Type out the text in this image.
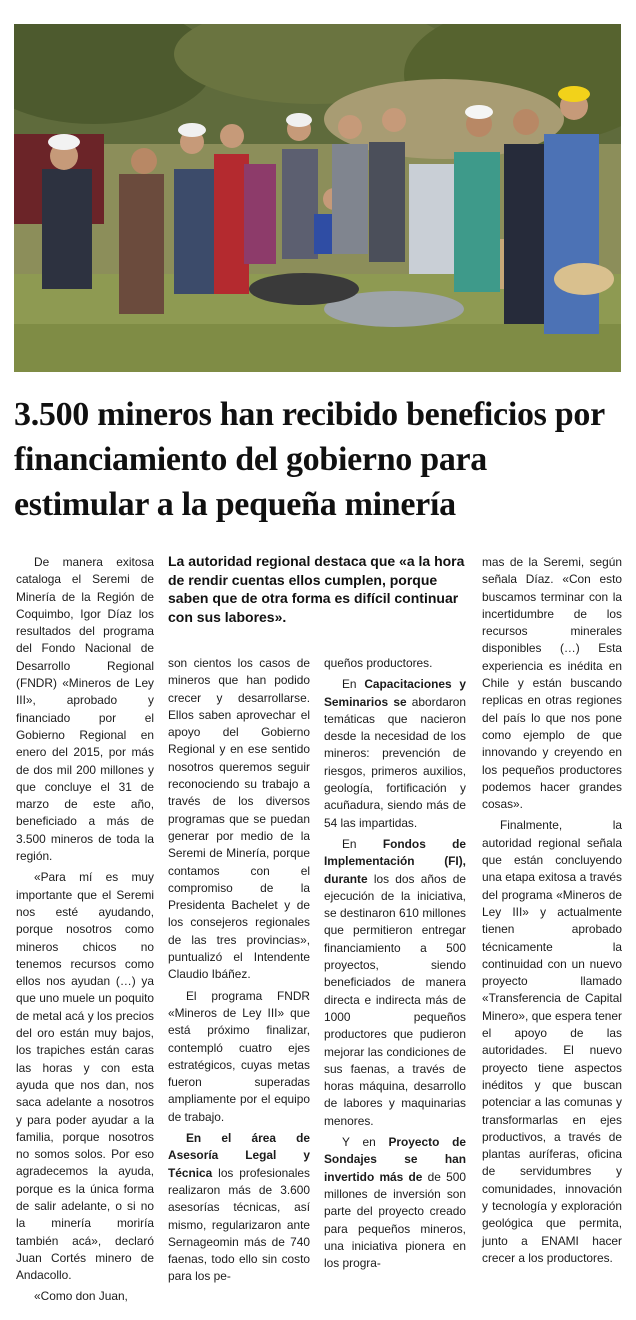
3.500 mineros han recibido beneficios por financiamiento del gobierno para estimular a la pequeña minería

La autoridad regional destaca que «a la hora de rendir cuentas ellos cumplen, porque saben que de otra forma es difícil continuar con sus labores».

De manera exitosa cataloga el Seremi de Minería de la Región de Coquimbo, Igor Díaz los resultados del programa del Fondo Nacional de Desarrollo Regional (FNDR) «Mineros de Ley III», aprobado y financiado por el Gobierno Regional en enero del 2015, por más de dos mil 200 millones y que concluye el 31 de marzo de este año, beneficiado a más de 3.500 mineros de toda la región.

«Para mí es muy importante que el Seremi nos esté ayudando, porque nosotros como mineros chicos no tenemos recursos como ellos nos ayudan (…) ya que uno muele un poquito de metal acá y los precios del oro están muy bajos, los trapiches están caras las horas y con esta ayuda que nos dan, nos saca adelante a nosotros y para poder ayudar a la familia, porque nosotros no somos solos. Por eso agradecemos la ayuda, porque es la única forma de salir adelante, o si no la minería moriría también acá», declaró Juan Cortés minero de Andacollo.

«Como don Juan,

son cientos los casos de mineros que han podido crecer y desarrollarse. Ellos saben aprovechar el apoyo del Gobierno Regional y en ese sentido nosotros queremos seguir reconociendo su trabajo a través de los diversos programas que se puedan generar por medio de la Seremi de Minería, porque contamos con el compromiso de la Presidenta Bachelet y de los consejeros regionales de las tres provincias», puntualizó el Intendente Claudio Ibáñez.

El programa FNDR «Mineros de Ley III» que está próximo finalizar, contempló cuatro ejes estratégicos, cuyas metas fueron superadas ampliamente por el equipo de trabajo.

En el área de Asesoría Legal y Técnica los profesionales realizaron más de 3.600 asesorías técnicas, así mismo, regularizaron ante Sernageomin más de 740 faenas, todo ello sin costo para los pe-

queños productores.

En Capacitaciones y Seminarios se abordaron temáticas que nacieron desde la necesidad de los mineros: prevención de riesgos, primeros auxilios, geología, fortificación y acuñadura, siendo más de 54 las impartidas.

En Fondos de Implementación (FI), durante los dos años de ejecución de la iniciativa, se destinaron 610 millones que permitieron entregar financiamiento a 500 proyectos, siendo beneficiados de manera directa e indirecta más de 1000 pequeños productores que pudieron mejorar las condiciones de sus faenas, a través de horas máquina, desarrollo de labores y maquinarias menores.

Y en Proyecto de Sondajes se han invertido más de de 500 millones de inversión son parte del proyecto creado para pequeños mineros, una iniciativa pionera en los progra-

mas de la Seremi, según señala Díaz. «Con esto buscamos terminar con la incertidumbre de los recursos minerales disponibles (…) Esta experiencia es inédita en Chile y están buscando replicas en otras regiones del país lo que nos pone como ejemplo de que innovando y creyendo en los pequeños productores podemos hacer grandes cosas».

Finalmente, la autoridad regional señala que están concluyendo una etapa exitosa a través del programa «Mineros de Ley III» y actualmente tienen aprobado técnicamente la continuidad con un nuevo proyecto llamado «Transferencia de Capital Minero», que espera tener el apoyo de las autoridades. El nuevo proyecto tiene aspectos inéditos y que buscan potenciar a las comunas y transformarlas en ejes productivos, a través de plantas auríferas, oficina de servidumbres y comunidades, innovación y tecnología y exploración geológica que permita, junto a ENAMI hacer crecer a los productores.
